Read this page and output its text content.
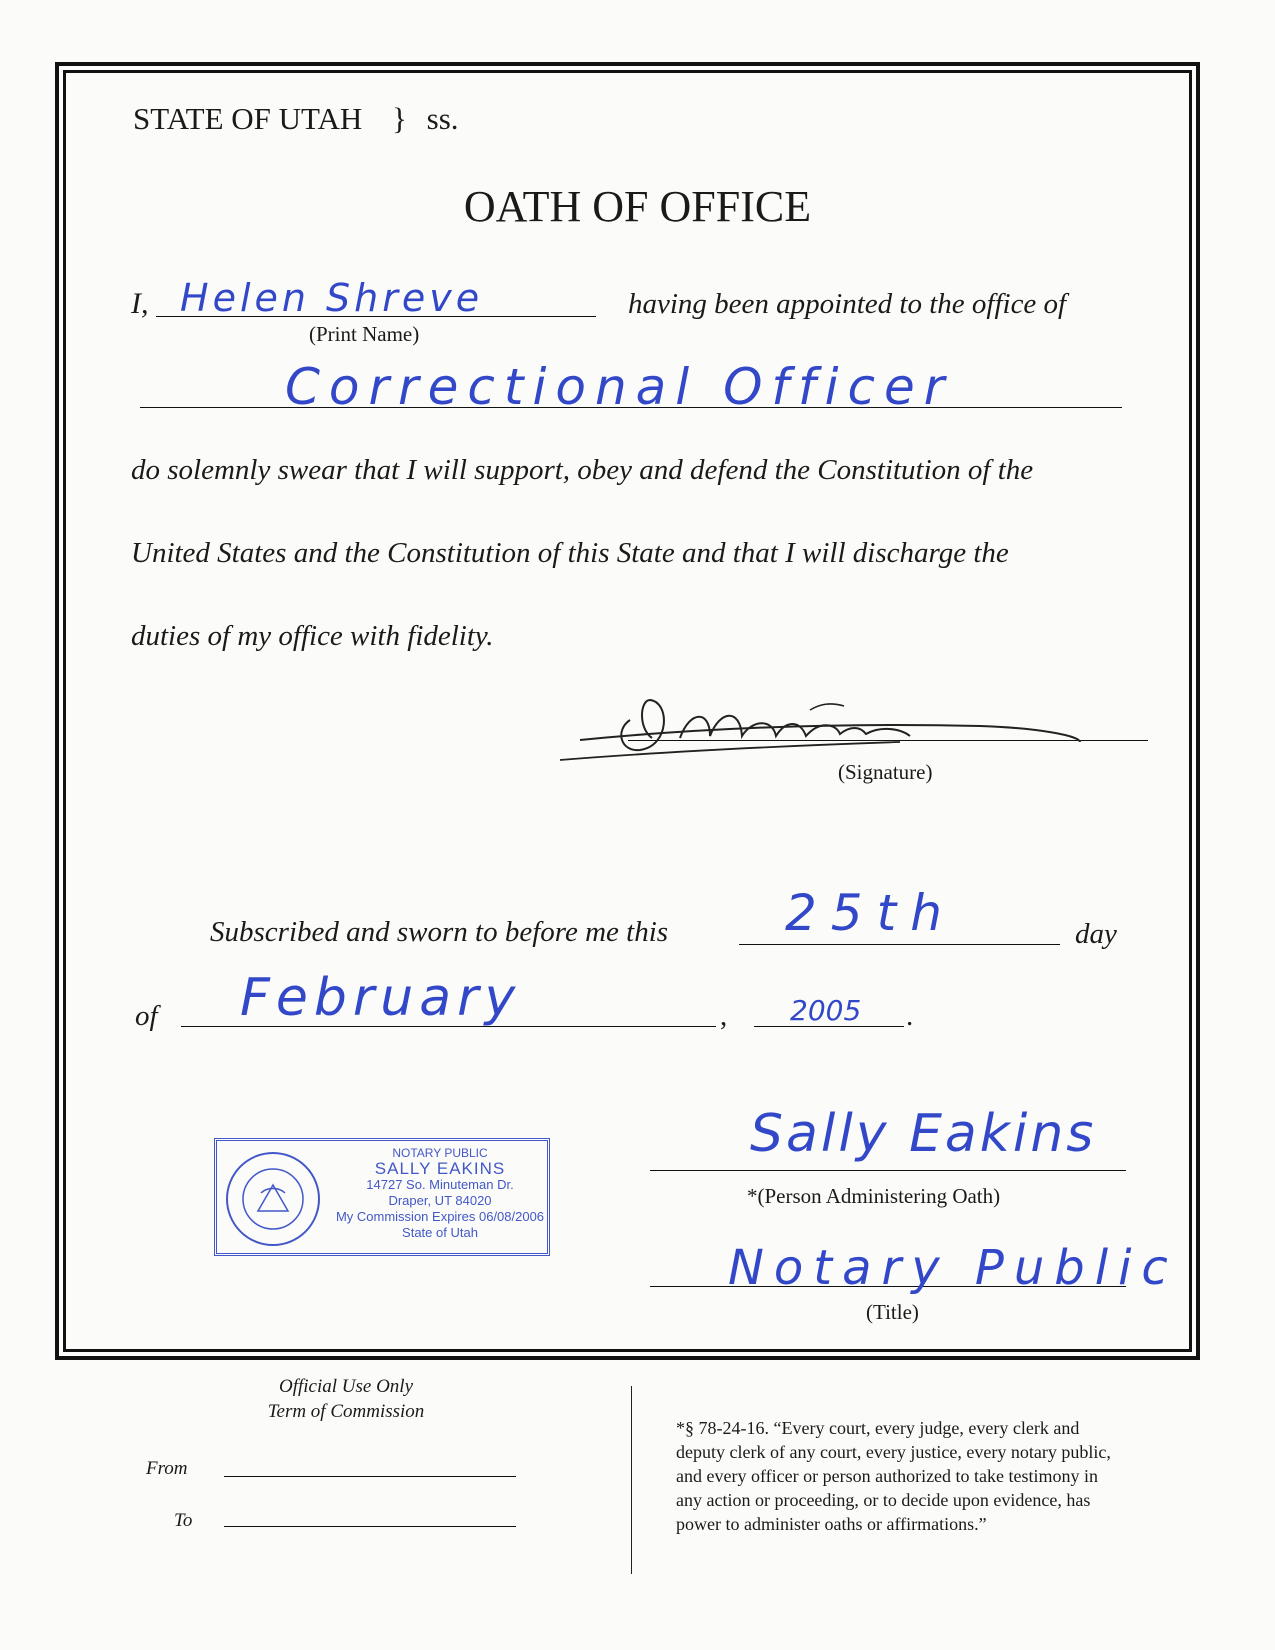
STATE OF UTAH } ss.
OATH OF OFFICE
I, Helen Shreve	having been appointed to the office of
(Print Name)
Correctional Officer
do solemnly swear that I will support, obey and defend the Constitution of the
United States and the Constitution of this State and that I will discharge the
duties of my office with fidelity.
(Signature)
Subscribed and sworn to before me this 25th	day
of February	, 2005 .
NOTARY PUBLIC
SALLY EAKINS
14727 So. Minuteman Dr.
Draper, UT 84020
My Commission Expires 06/08/2006
State of Utah
Sally Eakins
*(Person Administering Oath)
Notary Public
(Title)
Official Use Only
Term of Commission
From
To
*§ 78-24-16. “Every court, every judge, every clerk and
deputy clerk of any court, every justice, every notary public,
and every officer or person authorized to take testimony in
any action or proceeding, or to decide upon evidence, has
power to administer oaths or affirmations.”
